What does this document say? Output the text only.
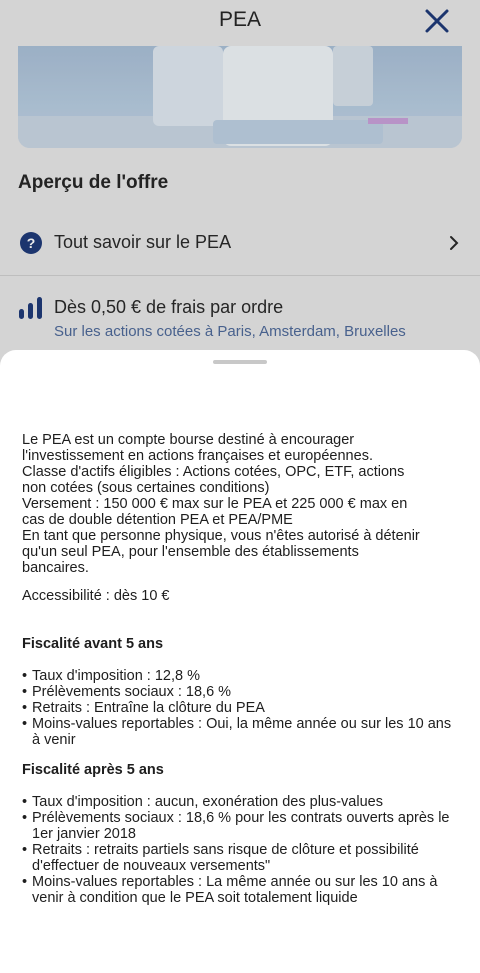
PEA
Aperçu de l'offre
? Tout savoir sur le PEA
Dès 0,50 € de frais par ordre
Sur les actions cotées à Paris, Amsterdam, Bruxelles

Le PEA est un compte bourse destiné à encourager

l'investissement en actions françaises et européennes.

Classe d'actifs éligibles : Actions cotées, OPC, ETF, actions

non cotées (sous certaines conditions)

Versement : 150 000 € max sur le PEA et 225 000 € max en

cas de double détention PEA et PEA/PME

En tant que personne physique, vous n'êtes autorisé à détenir

qu'un seul PEA, pour l'ensemble des établissements

bancaires.

Accessibilité : dès 10 €
Fiscalité avant 5 ans
• Taux d'imposition : 12,8 %
• Prélèvements sociaux : 18,6 %
• Retraits : Entraîne la clôture du PEA
• Moins-values reportables : Oui, la même année ou sur les 10 ans à venir
Fiscalité après 5 ans
• Taux d'imposition : aucun, exonération des plus-values
• Prélèvements sociaux : 18,6 % pour les contrats ouverts après le 1er janvier 2018
• Retraits : retraits partiels sans risque de clôture et possibilité d'effectuer de nouveaux versements"
• Moins-values reportables : La même année ou sur les 10 ans à venir à condition que le PEA soit totalement liquide
